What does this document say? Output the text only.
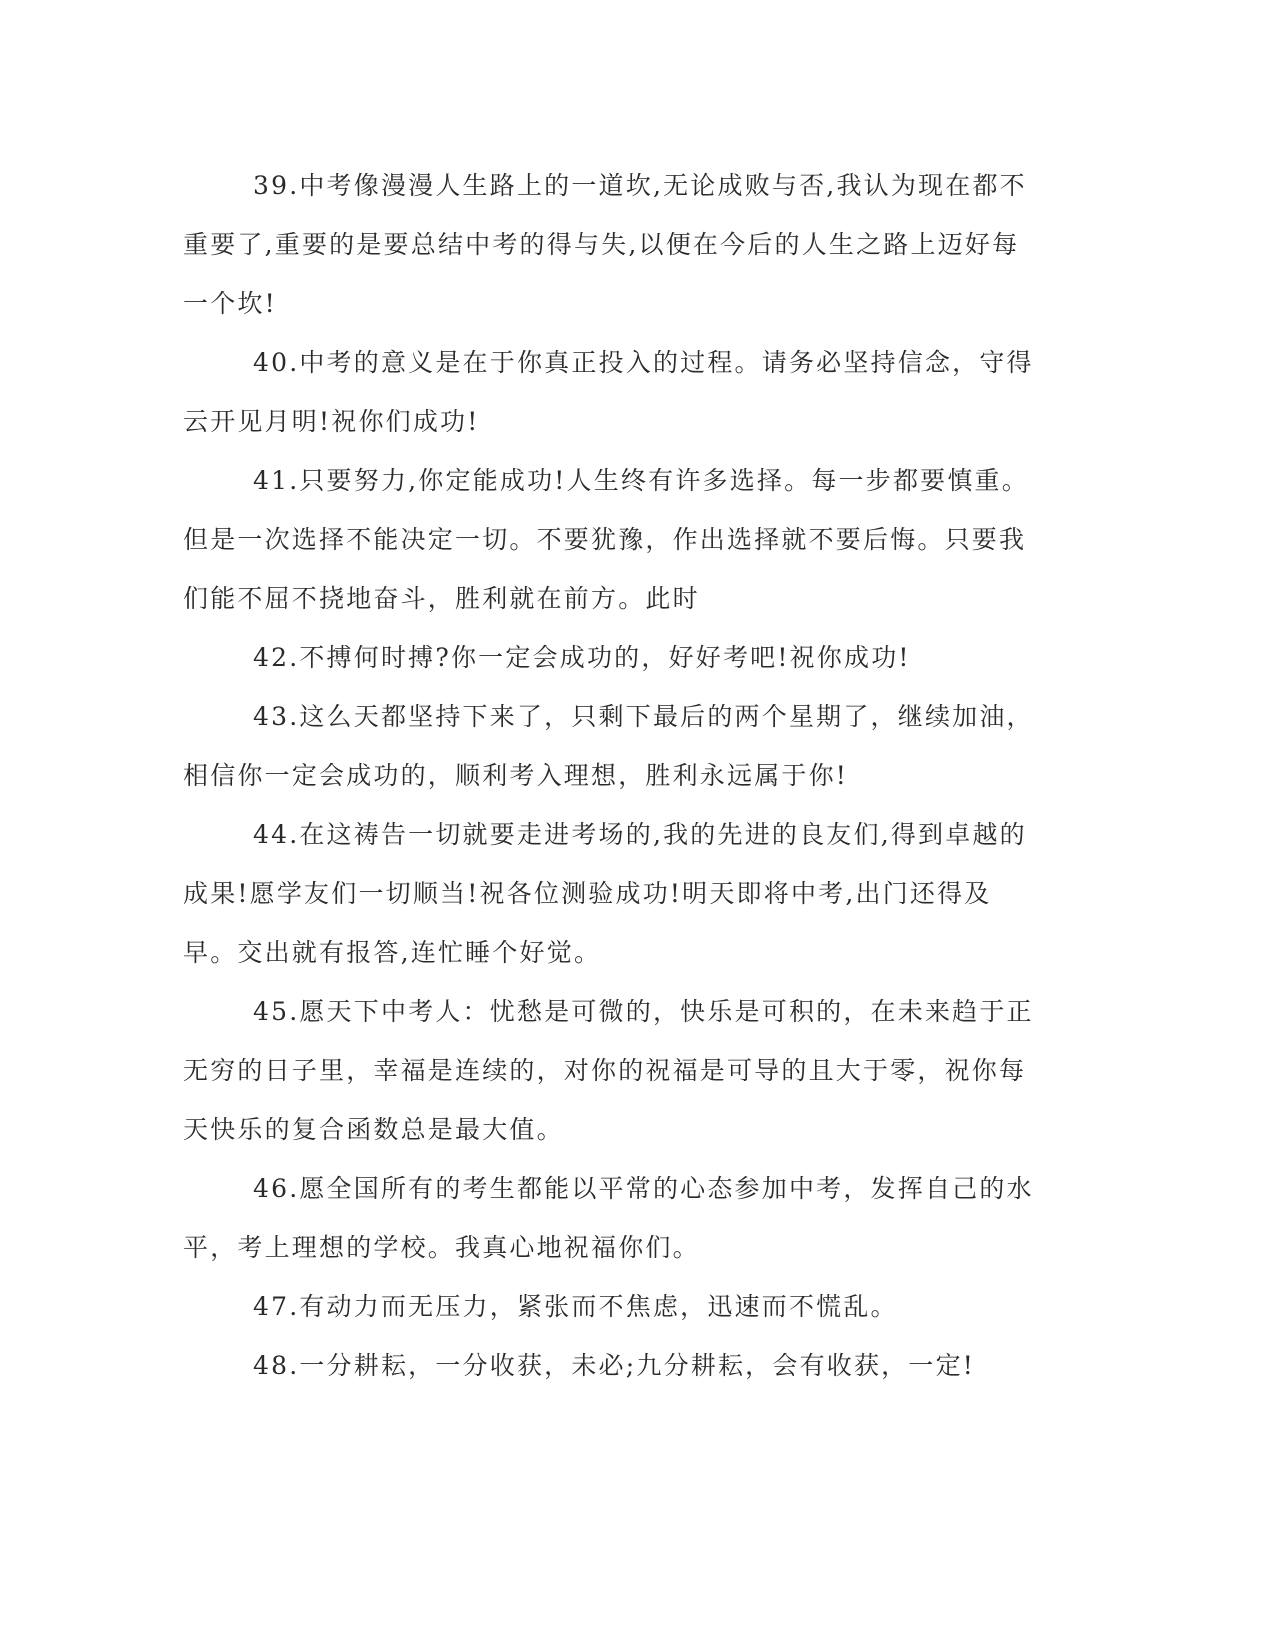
39.中考像漫漫人生路上的一道坎,无论成败与否,我认为现在都不重要了,重要的是要总结中考的得与失,以便在今后的人生之路上迈好每一个坎!

40.中考的意义是在于你真正投入的过程。请务必坚持信念，守得云开见月明!祝你们成功!

41.只要努力,你定能成功!人生终有许多选择。每一步都要慎重。但是一次选择不能决定一切。不要犹豫，作出选择就不要后悔。只要我们能不屈不挠地奋斗，胜利就在前方。此时

42.不搏何时搏?你一定会成功的，好好考吧!祝你成功!

43.这么天都坚持下来了，只剩下最后的两个星期了，继续加油，相信你一定会成功的，顺利考入理想，胜利永远属于你!

44.在这祷告一切就要走进考场的,我的先进的良友们,得到卓越的成果!愿学友们一切顺当!祝各位测验成功!明天即将中考,出门还得及早。交出就有报答,连忙睡个好觉。

45.愿天下中考人：忧愁是可微的，快乐是可积的，在未来趋于正无穷的日子里，幸福是连续的，对你的祝福是可导的且大于零，祝你每天快乐的复合函数总是最大值。

46.愿全国所有的考生都能以平常的心态参加中考，发挥自己的水平，考上理想的学校。我真心地祝福你们。

47.有动力而无压力，紧张而不焦虑，迅速而不慌乱。

48.一分耕耘，一分收获，未必;九分耕耘，会有收获，一定!
